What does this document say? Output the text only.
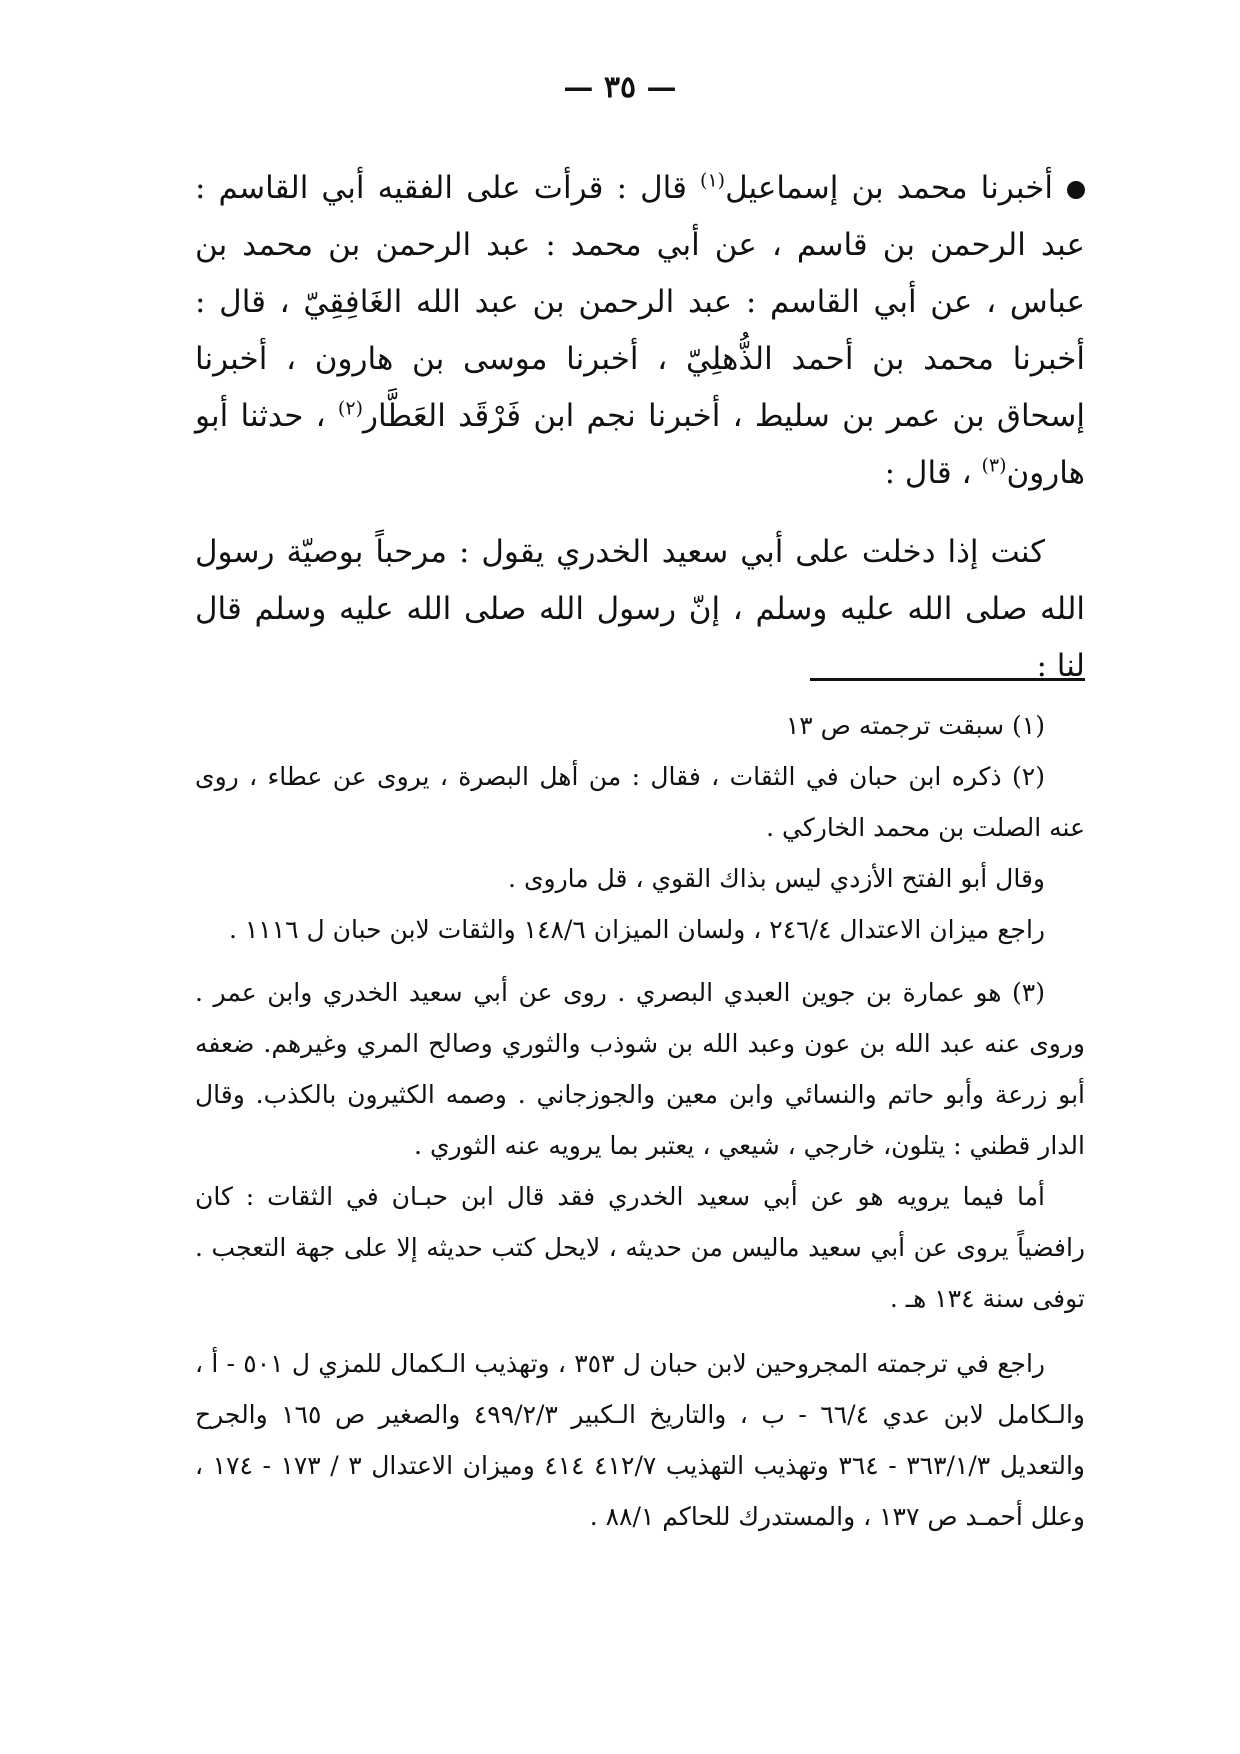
— ٣٥ —

أخبرنا محمد بن إسماعيل$^{(١)}$ قال : قرأت على الفقيه أبي القاسم : عبد الرحمن بن قاسم ، عن أبي محمد : عبد الرحمن بن محمد بن عباس ، عن أبي القاسم : عبد الرحمن بن عبد الله الغَافِقِيّ ، قال : أخبرنا محمد بن أحمد الذُّهلِيّ ، أخبرنا موسى بن هارون ، أخبرنا إسحاق بن عمر بن سليط ، أخبرنا نجم ابن فَرْقَد العَطَّار$^{(٢)}$ ، حدثنا أبو هارون$^{(٣)}$ ، قال :

كنت إذا دخلت على أبي سعيد الخدري يقول : مرحباً بوصيّة رسول الله صلى الله عليه وسلم ، إنّ رسول الله صلى الله عليه وسلم قال لنا :

(١) سبقت ترجمته ص ١٣

(٢) ذكره ابن حبان في الثقات ، فقال : من أهل البصرة ، يروى عن عطاء ، روى عنه الصلت بن محمد الخاركي .

وقال أبو الفتح الأزدي ليس بذاك القوي ، قل ماروى .

راجع ميزان الاعتدال ٢٤٦/٤ ، ولسان الميزان ١٤٨/٦ والثقات لابن حبان ل ١١١٦ .

(٣) هو عمارة بن جوين العبدي البصري . روى عن أبي سعيد الخدري وابن عمر . وروى عنه عبد الله بن عون وعبد الله بن شوذب والثوري وصالح المري وغيرهم. ضعفه أبو زرعة وأبو حاتم والنسائي وابن معين والجوزجاني . وصمه الكثيرون بالكذب. وقال الدار قطني : يتلون، خارجي ، شيعي ، يعتبر بما يرويه عنه الثوري .

أما فيما يرويه هو عن أبي سعيد الخدري فقد قال ابن حبـان في الثقات : كان رافضياً يروى عن أبي سعيد ماليس من حديثه ، لايحل كتب حديثه إلا على جهة التعجب . توفى سنة ١٣٤ هـ .

راجع في ترجمته المجروحين لابن حبان ل ٣٥٣ ، وتهذيب الـكمال للمزي ل ٥٠١ - أ ، والـكامل لابن عدي ٦٦/٤ - ب ، والتاريخ الـكبير ٤٩٩/٢/٣ والصغير ص ١٦٥ والجرح والتعديل ٣٦٣/١/٣ - ٣٦٤ وتهذيب التهذيب ٤١٢/٧ ٤١٤ وميزان الاعتدال ٣ / ١٧٣ - ١٧٤ ، وعلل أحمـد ص ١٣٧ ، والمستدرك للحاكم ٨٨/١ .
